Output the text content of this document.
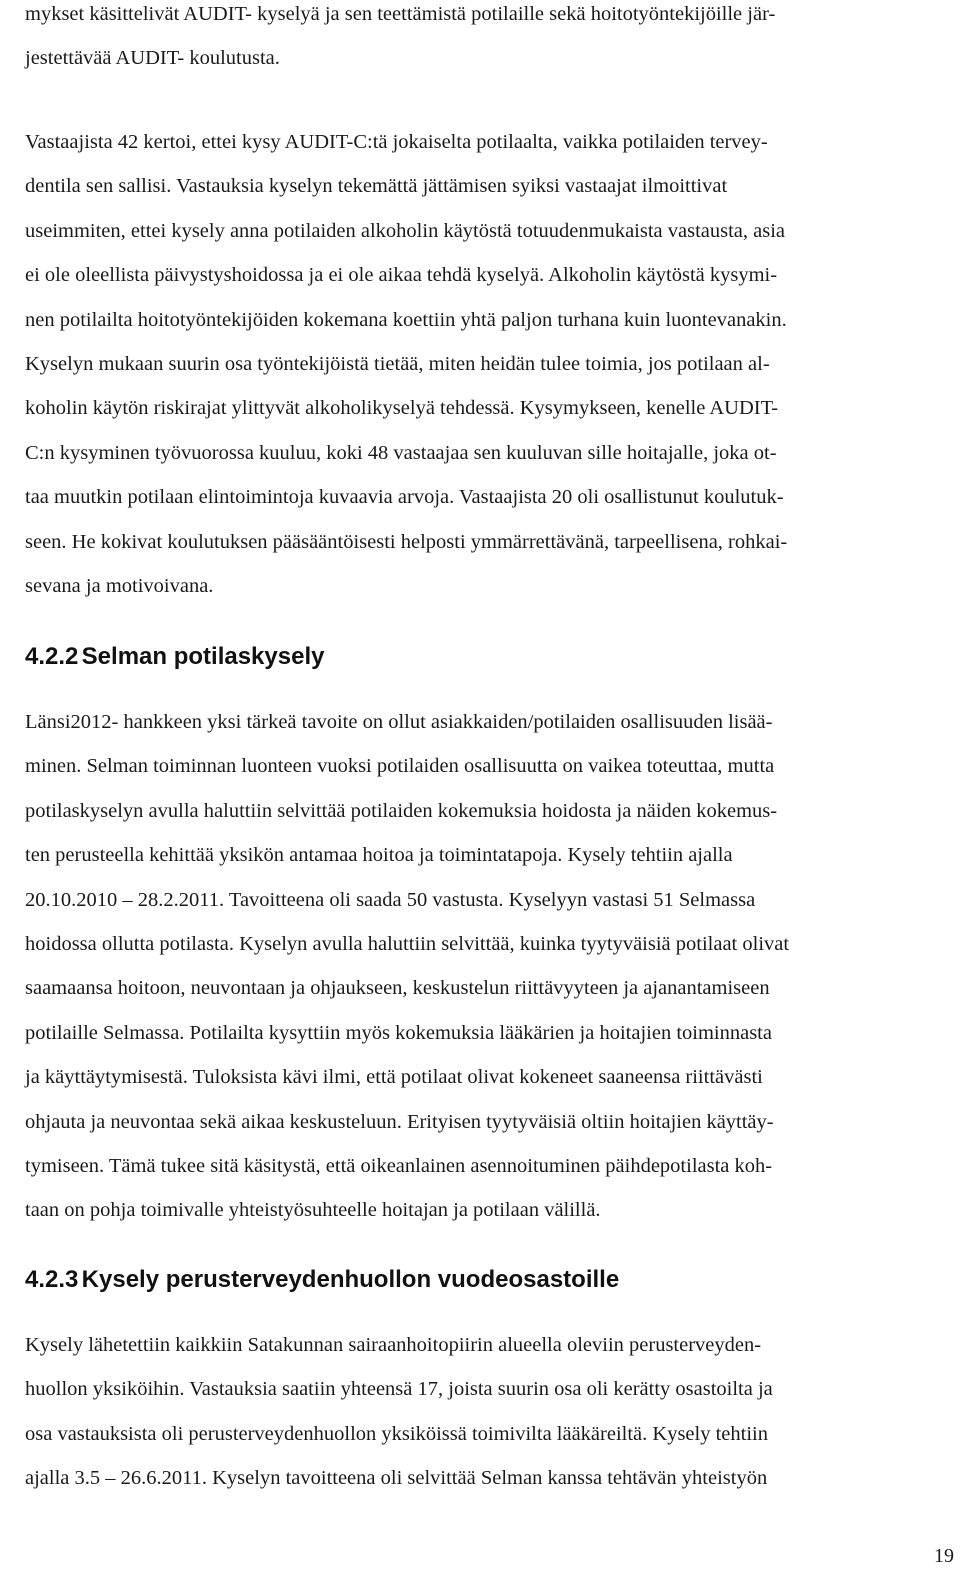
mykset käsittelivät AUDIT- kyselyä ja sen teettämistä potilaille sekä hoitotyöntekijöille jär-
jestettävää AUDIT- koulutusta.
Vastaajista 42 kertoi, ettei kysy AUDIT-C:tä jokaiselta potilaalta, vaikka potilaiden tervey-
dentila sen sallisi. Vastauksia kyselyn tekemättä jättämisen syiksi vastaajat ilmoittivat
useimmiten, ettei kysely anna potilaiden alkoholin käytöstä totuudenmukaista vastausta, asia
ei ole oleellista päivystyshoidossa ja ei ole aikaa tehdä kyselyä. Alkoholin käytöstä kysymi-
nen potilailta hoitotyöntekijöiden kokemana koettiin yhtä paljon turhana kuin luontevanakin.
Kyselyn mukaan suurin osa työntekijöistä tietää, miten heidän tulee toimia, jos potilaan al-
koholin käytön riskirajat ylittyvät alkoholikyselyä tehdessä. Kysymykseen, kenelle AUDIT-
C:n kysyminen työvuorossa kuuluu, koki 48 vastaajaa sen kuuluvan sille hoitajalle, joka ot-
taa muutkin potilaan elintoimintoja kuvaavia arvoja. Vastaajista 20 oli osallistunut koulutuk-
seen. He kokivat koulutuksen pääsääntöisesti helposti ymmärrettävänä, tarpeellisena, rohkai-
sevana ja motivoivana.
4.2.2 Selman potilaskysely
Länsi2012- hankkeen yksi tärkeä tavoite on ollut asiakkaiden/potilaiden osallisuuden lisää-
minen. Selman toiminnan luonteen vuoksi potilaiden osallisuutta on vaikea toteuttaa, mutta
potilaskyselyn avulla haluttiin selvittää potilaiden kokemuksia hoidosta ja näiden kokemus-
ten perusteella kehittää yksikön antamaa hoitoa ja toimintatapoja. Kysely tehtiin ajalla
20.10.2010 – 28.2.2011. Tavoitteena oli saada 50 vastusta. Kyselyyn vastasi 51 Selmassa
hoidossa ollutta potilasta. Kyselyn avulla haluttiin selvittää, kuinka tyytyväisiä potilaat olivat
saamaansa hoitoon, neuvontaan ja ohjaukseen, keskustelun riittävyyteen ja ajanantamiseen
potilaille Selmassa. Potilailta kysyttiin myös kokemuksia lääkärien ja hoitajien toiminnasta
ja käyttäytymisestä. Tuloksista kävi ilmi, että potilaat olivat kokeneet saaneensa riittävästi
ohjauta ja neuvontaa sekä aikaa keskusteluun. Erityisen tyytyväisiä oltiin hoitajien käyttäy-
tymiseen. Tämä tukee sitä käsitystä, että oikeanlainen asennoituminen päihdepotilasta koh-
taan on pohja toimivalle yhteistyösuhteelle hoitajan ja potilaan välillä.
4.2.3 Kysely perusterveydenhuollon vuodeosastoille
Kysely lähetettiin kaikkiin Satakunnan sairaanhoitopiirin alueella oleviin perusterveyden-
huollon yksiköihin. Vastauksia saatiin yhteensä 17, joista suurin osa oli kerätty osastoilta ja
osa vastauksista oli perusterveydenhuollon yksiköissä toimivilta lääkäreiltä. Kysely tehtiin
ajalla 3.5 – 26.6.2011. Kyselyn tavoitteena oli selvittää Selman kanssa tehtävän yhteistyön
19
